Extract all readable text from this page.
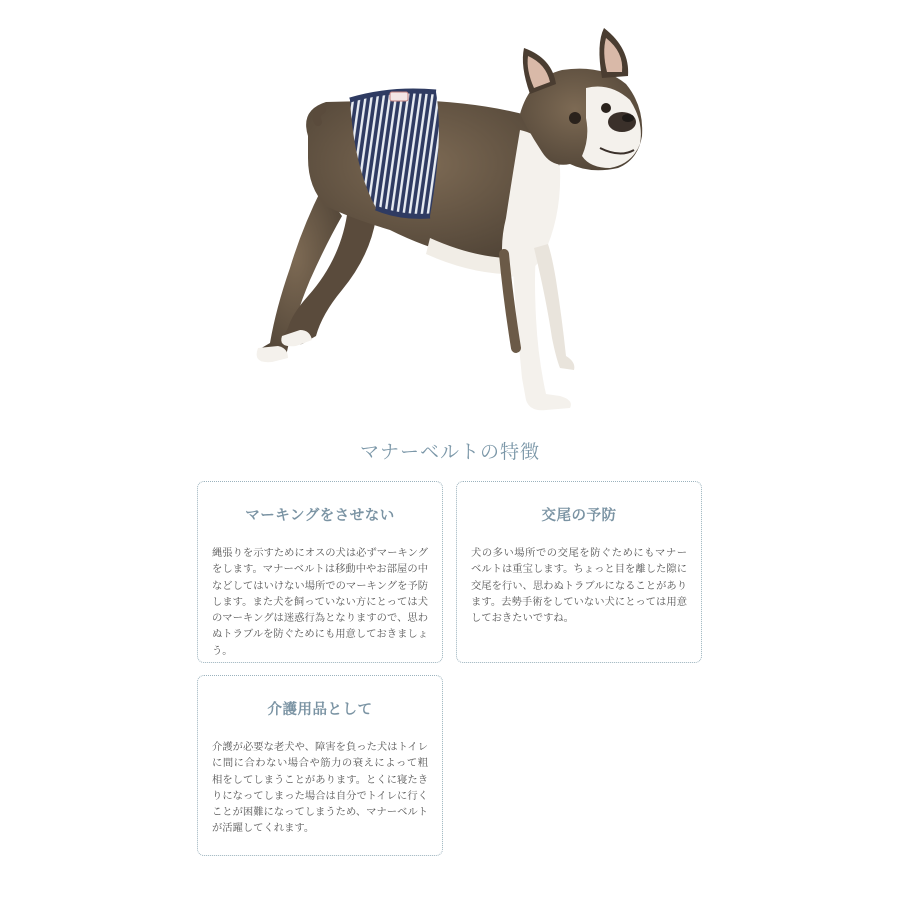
マナーベルトの特徴
マーキングをさせない
縄張りを示すためにオスの犬は必ずマーキングをします。マナーベルトは移動中やお部屋の中などしてはいけない場所でのマーキングを予防します。また犬を飼っていない方にとっては犬のマーキングは迷惑行為となりますので、思わぬトラブルを防ぐためにも用意しておきましょう。
交尾の予防
犬の多い場所での交尾を防ぐためにもマナーベルトは重宝します。ちょっと目を離した隙に交尾を行い、思わぬトラブルになることがあります。去勢手術をしていない犬にとっては用意しておきたいですね。
介護用品として
介護が必要な老犬や、障害を負った犬はトイレに間に合わない場合や筋力の衰えによって粗相をしてしまうことがあります。とくに寝たきりになってしまった場合は自分でトイレに行くことが困難になってしまうため、マナーベルトが活躍してくれます。
